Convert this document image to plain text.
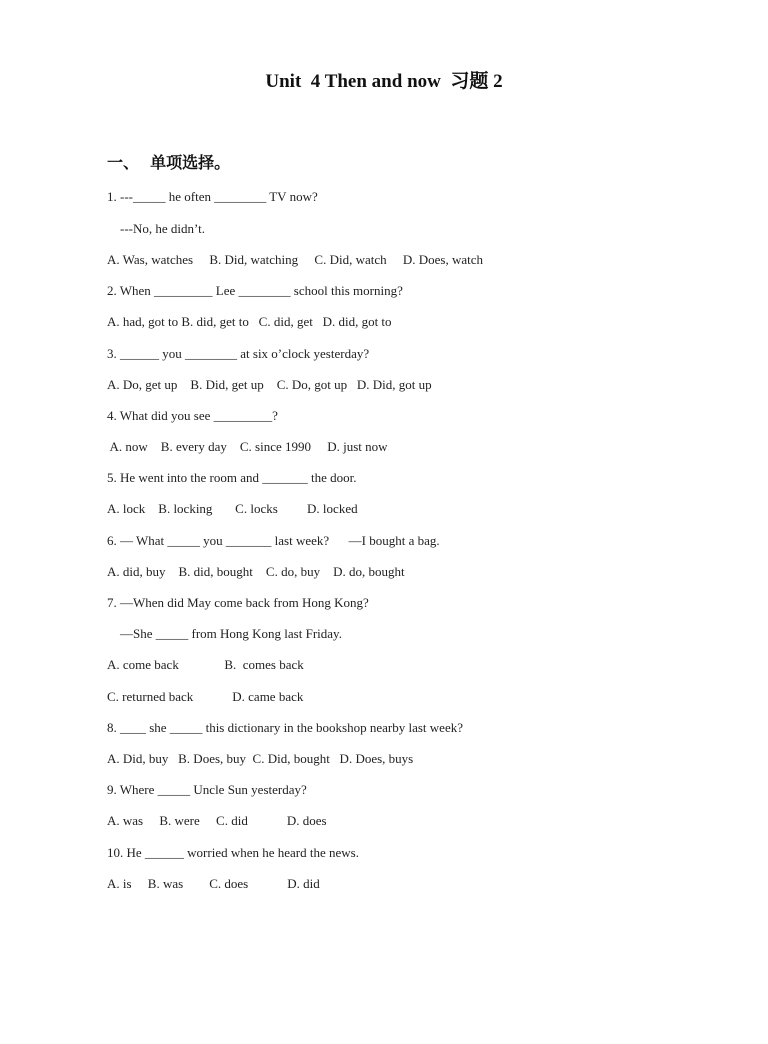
Unit  4 Then and now  习题 2
一、  单项选择。
1. ---_____ he often ________ TV now?
---No, he didn’t.
A. Was, watches     B. Did, watching     C. Did, watch     D. Does, watch
2. When _________ Lee ________ school this morning?
A. had, got to B. did, get to   C. did, get   D. did, got to
3. ______ you ________ at six o’clock yesterday?
A. Do, get up    B. Did, get up    C. Do, got up   D. Did, got up
4. What did you see _________?
A. now    B. every day    C. since 1990     D. just now
5. He went into the room and _______ the door.
A. lock    B. locking       C. locks         D. locked
6. — What _____ you _______ last week?      —I bought a bag.
A. did, buy    B. did, bought    C. do, buy    D. do, bought
7. —When did May come back from Hong Kong?
—She _____ from Hong Kong last Friday.
A. come back              B.  comes back
C. returned back            D. came back
8. ____ she _____ this dictionary in the bookshop nearby last week?
A. Did, buy   B. Does, buy  C. Did, bought   D. Does, buys
9. Where _____ Uncle Sun yesterday?
A. was     B. were     C. did            D. does
10. He ______ worried when he heard the news.
A. is     B. was        C. does            D. did
